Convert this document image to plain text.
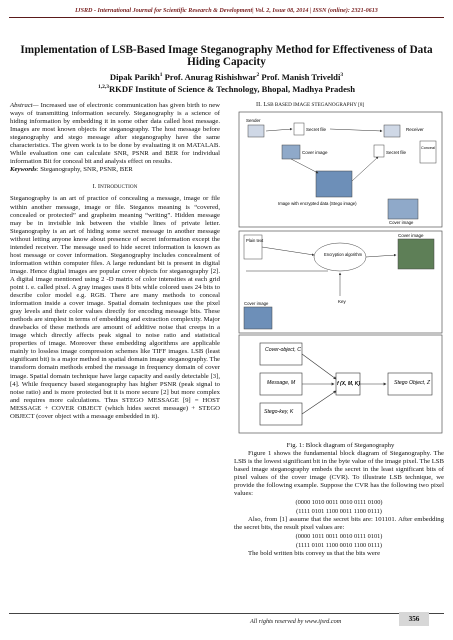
IJSRD - International Journal for Scientific Research & Development| Vol. 2, Issue 08, 2014 | ISSN (online): 2321-0613
Implementation of LSB-Based Image Steganography Method for Effectiveness of Data Hiding Capacity
Dipak Parikh$^1$ Prof. Anurag Rishishwar$^2$ Prof. Manish Triveldi$^3$
$^{1,2,3}$RKDF Institute of Science & Technology, Bhopal, Madhya Pradesh

Abstract— Increased use of electronic communication has given birth to new ways of transmitting information securely. Steganography is a science of hiding information by embedding it in some other data called host message. Images are most known objects for steganography. The host message before steganography and stego message after steganography have the same characteristics. The given work is to be done by evaluating it on MATALAB. While evaluation one can calculate SNR, PSNR and BER for individual information Bit for conceal bit and analysis effect on results.

Keywords: Steganography, SNR, PSNR, BER

I. INTRODUCTION

Steganography is an art of practice of concealing a message, image or file within another message, image or file. Steganos meaning is “covered, concealed or protected” and grapheim meaning “writing”. Hidden message may be in invisible ink between the visible lines of private letter. Steganography is an art of hiding some secret message in another message without letting anyone know about presence of secret information except the intended receiver. The message used to hide secret information is known as host message or cover information. Steganography includes concealment of information within computer files. A large redundant bit is present in digital image. Hence digital images are popular cover objects for steganography [2]. A digital image mentioned using 2 -D matrix of color intensities at each grid point i. e. called pixel. A gray images uses 8 bits while colored uses 24 bits to describe color model e.g. RGB. There are many methods to conceal information inside a cover image. Spatial domain techniques use the pixel gray levels and their color values directly for encoding message bits. These methods are simplest in terms of embedding and extraction complexity. Major drawbacks of these methods are amount of additive noise that creeps in a image which directly affects peak signal to noise ratio and statistical properties of image. Moreover these embedding algorithms are applicable mainly to lossless image compression schemes like TIFF images. LSB (least significant bit) is a major method in spatial domain image steganography. The transform domain methods embed the message in frequency domain of cover image. Spatial domain technique have large capacity and easily detectable [3], [4]. While frequency based steganography has higher PSNR (peak signal to noise ratio) and is more protected but it is more secure [2] but more complex and requires more calculations. Thus STEGO MESSAGE [9] = HOST MESSAGE + COVER OBJECT (which hides secret message) + STEGO OBJECT (cover object with a message embedded in it).

II. LSB BASED IMAGE STEGANOGRAPHY [8]
Sender
Secret file	Receiver
Cover image	Secret file
Conceal
Image with encrypted data (Stego image)
Cover image
Plain text
Encryption algorithm
Cover image
Key
Cover image
Cover-object, C
Message, M
Stego-key, K
f (X, M, K)	Stego Object, Z
Fig. 1: Block diagram of Steganography

Figure 1 shows the fundamental block diagram of Steganography. The LSB is the lowest significant bit in the byte value of the image pixel. The LSB based image steganography embeds the secret in the least significant bits of pixel values of the cover image (CVR). To illustrate LSB technique, we provide the following example. Suppose the CVR has the following two pixel values:

(0000 1010 0011 0010 0111 0100)
(1111 0101 1100 0011 1100 0111)

Also, from [1] assume that the secret bits are: 101101. After embedding the secret bits, the result pixel values are:

(0000 1011 0011 0010 0111 0101)
(1111 0101 1100 0010 1100 0111)

The bold written bits convey us that the bits were

All rights reserved by www.ijsrd.com	356
